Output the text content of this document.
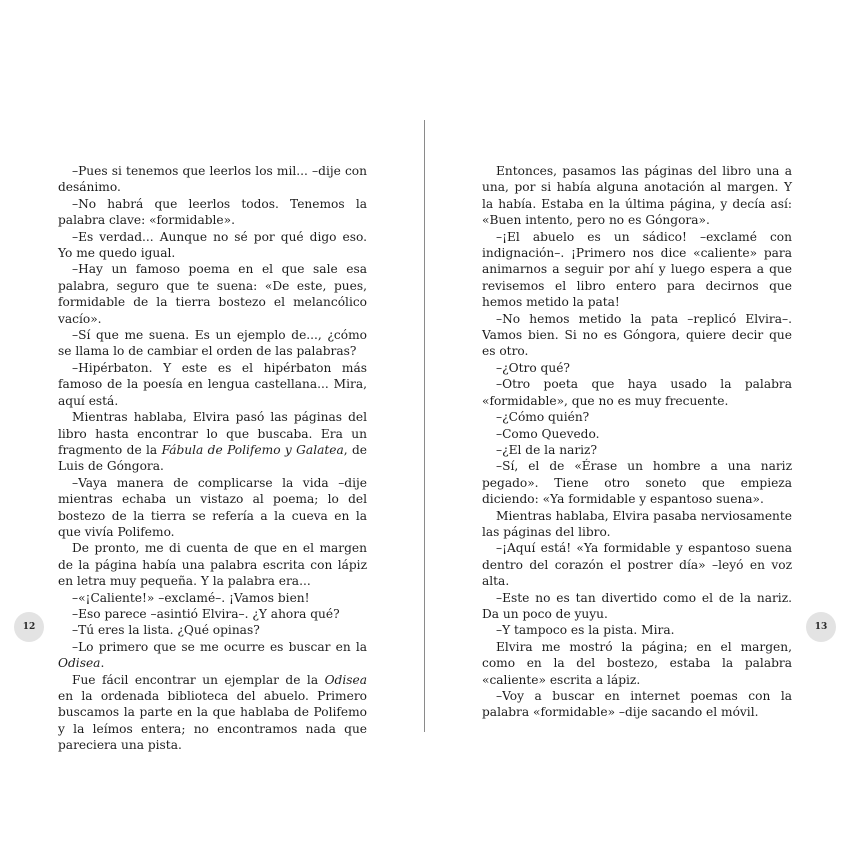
–Pues si tenemos que leerlos los mil... –dije con desánimo.

–No habrá que leerlos todos. Tenemos la palabra clave: «formidable».

–Es verdad... Aunque no sé por qué digo eso. Yo me quedo igual.

–Hay un famoso poema en el que sale esa palabra, seguro que te suena: «De este, pues, formidable de la tierra bostezo el melancólico vacío».

–Sí que me suena. Es un ejemplo de..., ¿cómo se llama lo de cambiar el orden de las palabras?

–Hipérbaton. Y este es el hipérbaton más famoso de la poesía en lengua castellana... Mira, aquí está.

Mientras hablaba, Elvira pasó las páginas del libro hasta encontrar lo que buscaba. Era un fragmento de la Fábula de Polifemo y Galatea, de Luis de Góngora.

–Vaya manera de complicarse la vida –dije mientras echaba un vistazo al poema; lo del bostezo de la tierra se refería a la cueva en la que vivía Polifemo.

De pronto, me di cuenta de que en el margen de la página había una palabra escrita con lápiz en letra muy pequeña. Y la palabra era...

–«¡Caliente!» –exclamé–. ¡Vamos bien!

–Eso parece –asintió Elvira–. ¿Y ahora qué?

–Tú eres la lista. ¿Qué opinas?

–Lo primero que se me ocurre es buscar en la Odisea.

Fue fácil encontrar un ejemplar de la Odisea en la ordenada biblioteca del abuelo. Primero buscamos la parte en la que hablaba de Polifemo y la leímos entera; no encontramos nada que pareciera una pista.

12

Entonces, pasamos las páginas del libro una a una, por si había alguna anotación al margen. Y la había. Estaba en la última página, y decía así: «Buen intento, pero no es Góngora».

–¡El abuelo es un sádico! –exclamé con indignación–. ¡Primero nos dice «caliente» para animarnos a seguir por ahí y luego espera a que revisemos el libro entero para decirnos que hemos metido la pata!

–No hemos metido la pata –replicó Elvira–. Vamos bien. Si no es Góngora, quiere decir que es otro.

–¿Otro qué?

–Otro poeta que haya usado la palabra «formidable», que no es muy frecuente.

–¿Cómo quién?

–Como Quevedo.

–¿El de la nariz?

–Sí, el de «Érase un hombre a una nariz pegado». Tiene otro soneto que empieza diciendo: «Ya formidable y espantoso suena».

Mientras hablaba, Elvira pasaba nerviosamente las páginas del libro.

–¡Aquí está! «Ya formidable y espantoso suena dentro del corazón el postrer día» –leyó en voz alta.

–Este no es tan divertido como el de la nariz. Da un poco de yuyu.

–Y tampoco es la pista. Mira.

Elvira me mostró la página; en el margen, como en la del bostezo, estaba la palabra «caliente» escrita a lápiz.

–Voy a buscar en internet poemas con la palabra «formidable» –dije sacando el móvil.

13
